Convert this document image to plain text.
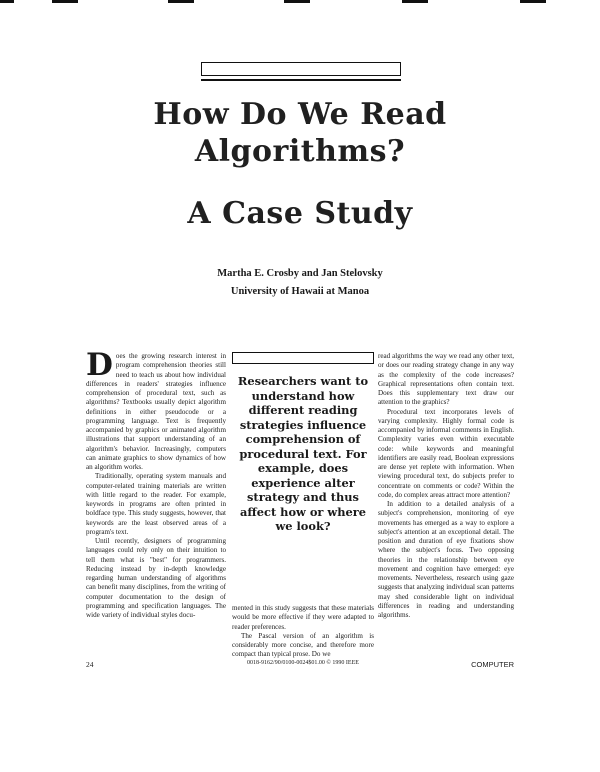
How Do We Read
Algorithms?
A Case Study
Martha E. Crosby and Jan Stelovsky
University of Hawaii at Manoa

Does the growing research interest in program comprehension theories still need to teach us about how individual differences in readers' strategies influence comprehension of procedural text, such as algorithms? Textbooks usually depict algorithm definitions in either pseudocode or a programming language. Text is frequently accompanied by graphics or animated algorithm illustrations that support understanding of an algorithm's behavior. Increasingly, computers can animate graphics to show dynamics of how an algorithm works.

Traditionally, operating system manuals and computer-related training materials are written with little regard to the reader. For example, keywords in programs are often printed in boldface type. This study suggests, however, that keywords are the least observed areas of a program's text.

Until recently, designers of programming languages could rely only on their intuition to tell them what is "best" for programmers. Reducing instead by in-depth knowledge regarding human understanding of algorithms can benefit many disciplines, from the writing of computer documentation to the design of programming and specification languages. The wide variety of individual styles docu-

Researchers want to understand how different reading strategies influence comprehension of procedural text. For example, does experience alter strategy and thus affect how or where we look?

mented in this study suggests that these materials would be more effective if they were adapted to reader preferences.

The Pascal version of an algorithm is considerably more concise, and therefore more compact than typical prose. Do we

read algorithms the way we read any other text, or does our reading strategy change in any way as the complexity of the code increases? Graphical representations often contain text. Does this supplementary text draw our attention to the graphics?

Procedural text incorporates levels of varying complexity. Highly formal code is accompanied by informal comments in English. Complexity varies even within executable code: while keywords and meaningful identifiers are easily read, Boolean expressions are dense yet replete with information. When viewing procedural text, do subjects prefer to concentrate on comments or code? Within the code, do complex areas attract more attention?

In addition to a detailed analysis of a subject's comprehension, monitoring of eye movements has emerged as a way to explore a subject's attention at an exceptional detail. The position and duration of eye fixations show where the subject's focus. Two opposing theories in the relationship between eye movement and cognition have emerged: eye movements. Nevertheless, research using gaze suggests that analyzing individual scan patterns may shed considerable light on individual differences in reading and understanding algorithms.

24	0018-9162/90/0100-0024$01.00 © 1990 IEEE	COMPUTER
